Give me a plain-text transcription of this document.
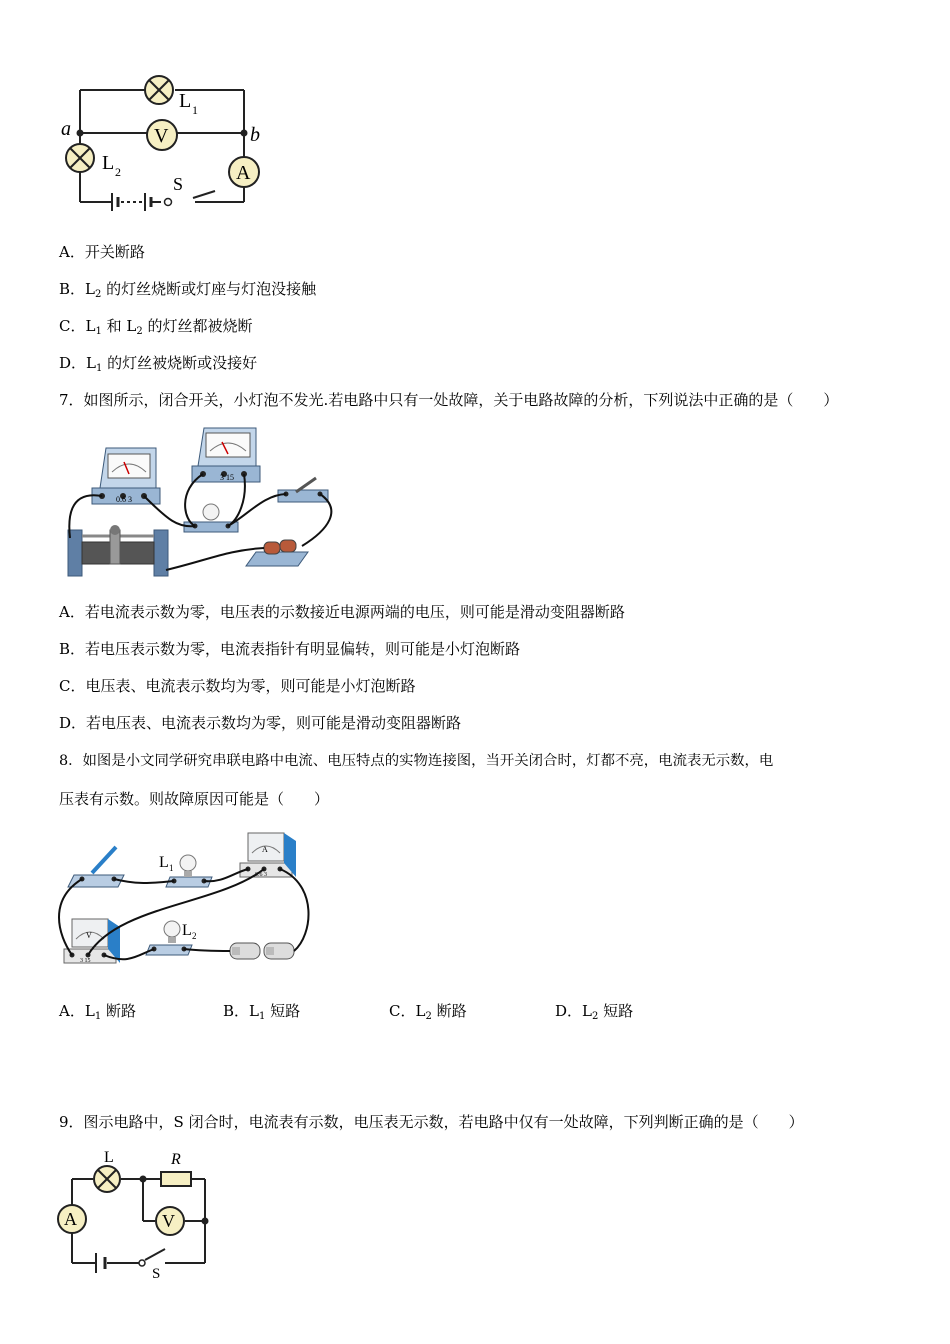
V
A
a	b
L 1
L 2
S
A．开关断路
B．$L_2$ 的灯丝烧断或灯座与灯泡没接触
C．$L_1$ 和 $L_2$ 的灯丝都被烧断
D．$L_1$ 的灯丝被烧断或没接好
7．如图所示，闭合开关，小灯泡不发光.若电路中只有一处故障，关于电路故障的分析，下列说法中正确的是（　　）
0.6 3
3 15
A．若电流表示数为零，电压表的示数接近电源两端的电压，则可能是滑动变阻器断路
B．若电压表示数为零，电流表指针有明显偏转，则可能是小灯泡断路
C．电压表、电流表示数均为零，则可能是小灯泡断路
D．若电压表、电流表示数均为零，则可能是滑动变阻器断路
8．如图是小文同学研究串联电路中电流、电压特点的实物连接图，当开关闭合时，灯都不亮，电流表无示数，电
压表有示数。则故障原因可能是（　　）
L 1
A
0.6 3
V
3 15
L 2
A．$L_1$ 断路	B．$L_1$ 短路	C．$L_2$ 断路	D．$L_2$ 短路
9．图示电路中，S 闭合时，电流表有示数，电压表无示数，若电路中仅有一处故障，下列判断正确的是（　　）
L	R
S
V
A
